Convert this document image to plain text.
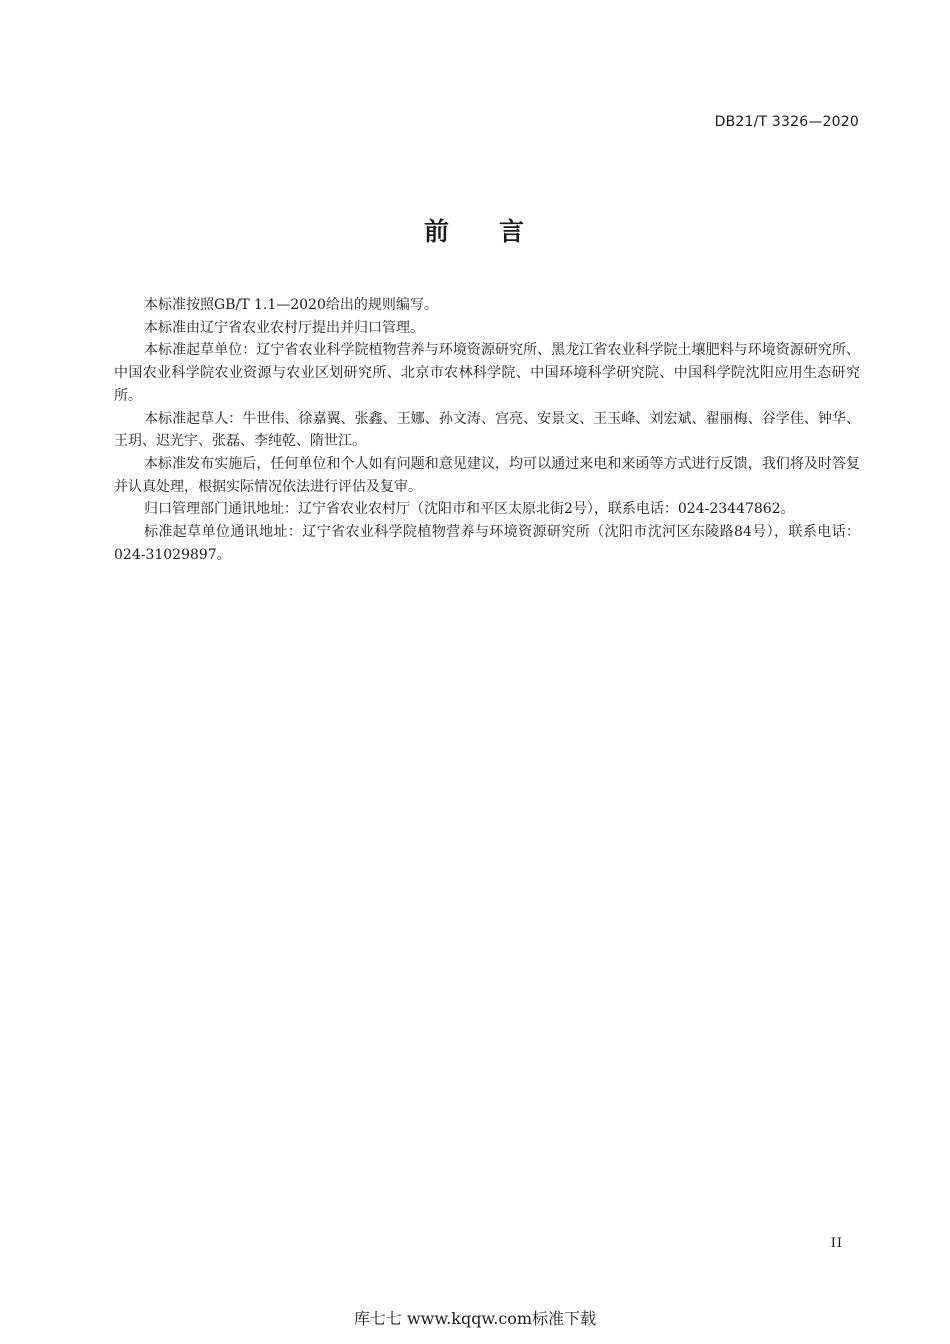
DB21/T 3326—2020
前 言

本标准按照GB/T 1.1—2020给出的规则编写。

本标准由辽宁省农业农村厅提出并归口管理。

本标准起草单位：辽宁省农业科学院植物营养与环境资源研究所、黑龙江省农业科学院土壤肥料与环境资源研究所、中国农业科学院农业资源与农业区划研究所、北京市农林科学院、中国环境科学研究院、中国科学院沈阳应用生态研究所。

本标准起草人：牛世伟、徐嘉翼、张鑫、王娜、孙文涛、宫亮、安景文、王玉峰、刘宏斌、翟丽梅、谷学佳、钟华、王玥、迟光宇、张磊、李纯乾、隋世江。

本标准发布实施后，任何单位和个人如有问题和意见建议，均可以通过来电和来函等方式进行反馈，我们将及时答复并认真处理，根据实际情况依法进行评估及复审。

归口管理部门通讯地址：辽宁省农业农村厅（沈阳市和平区太原北街2号），联系电话：024-23447862。

标准起草单位通讯地址：辽宁省农业科学院植物营养与环境资源研究所（沈阳市沈河区东陵路84号），联系电话：024-31029897。

II
库七七 www.kqqw.com标准下载
